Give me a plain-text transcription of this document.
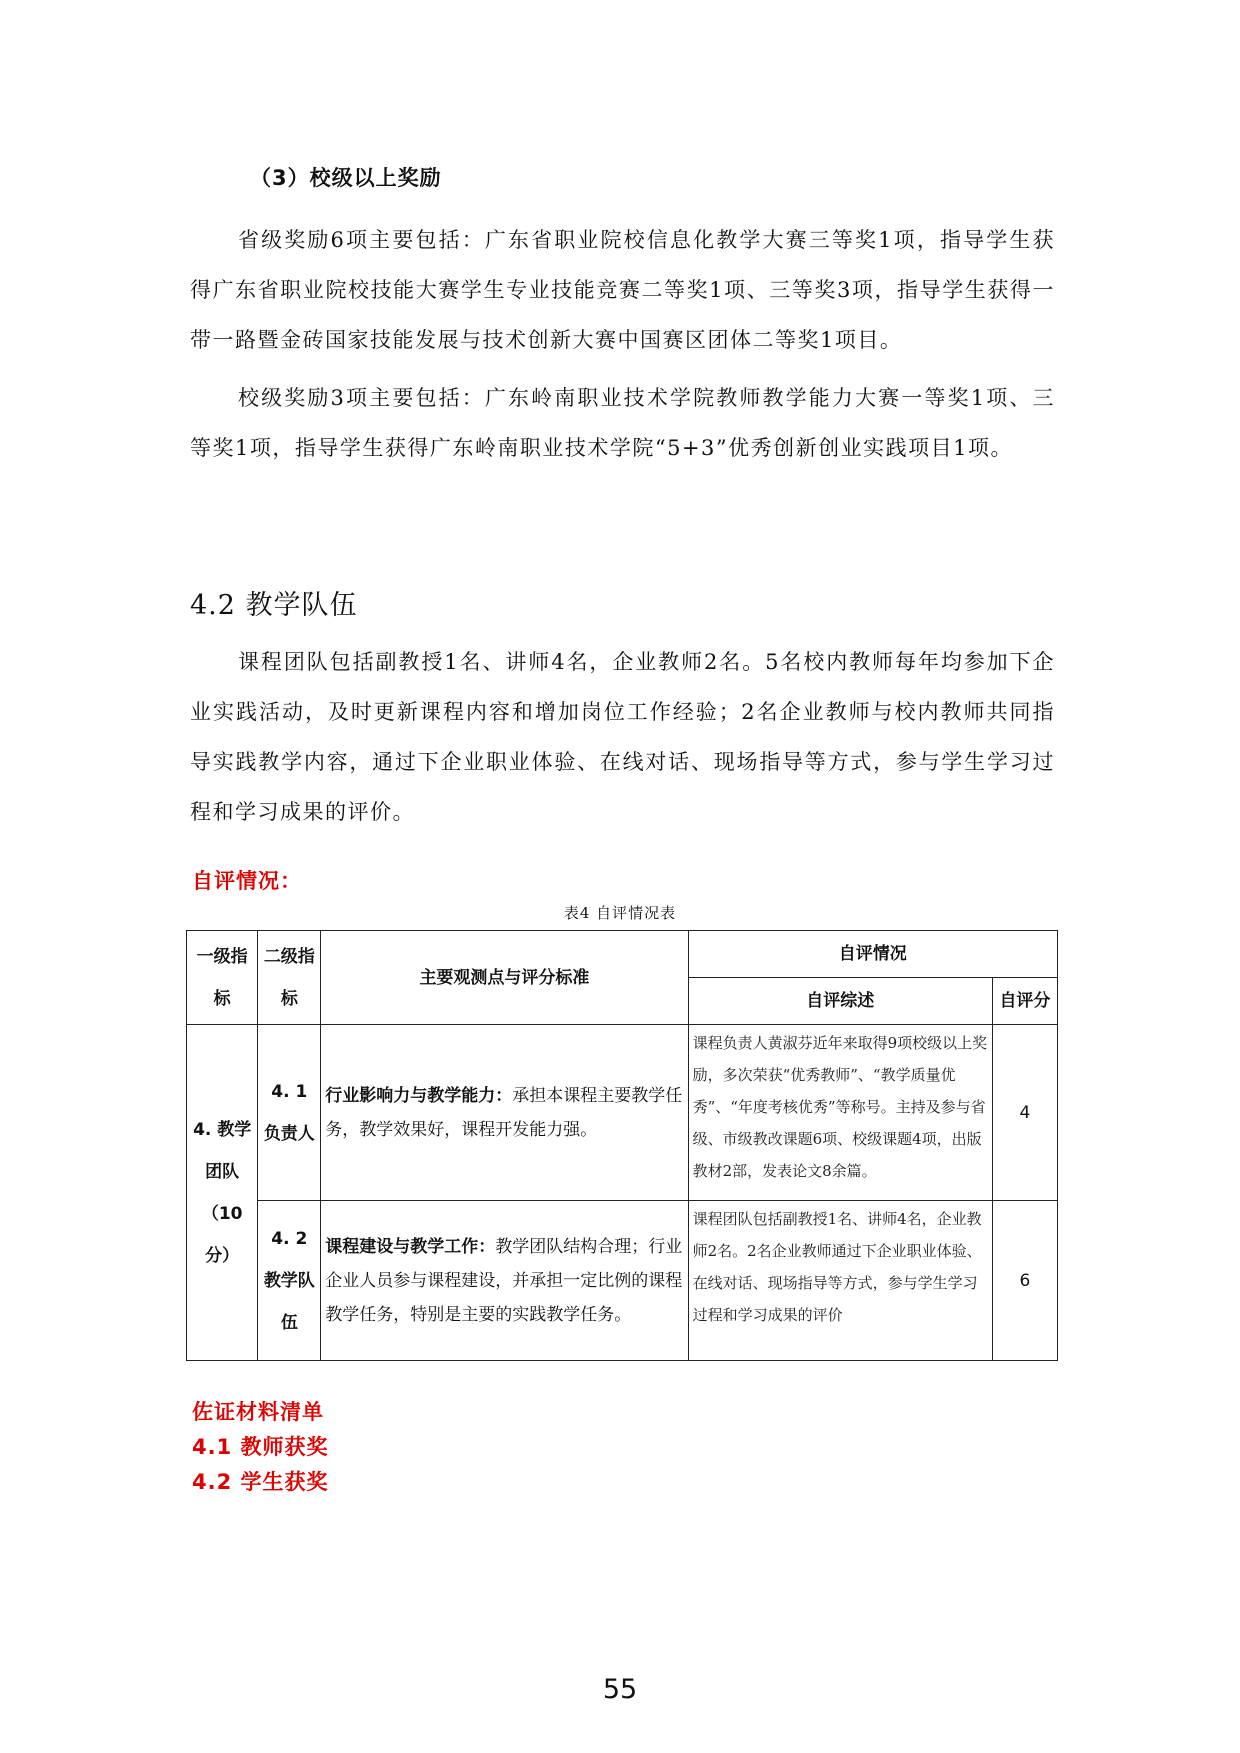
（3）校级以上奖励
省级奖励6项主要包括：广东省职业院校信息化教学大赛三等奖1项，指导学生获得广东省职业院校技能大赛学生专业技能竞赛二等奖1项、三等奖3项，指导学生获得一带一路暨金砖国家技能发展与技术创新大赛中国赛区团体二等奖1项目。
校级奖励3项主要包括：广东岭南职业技术学院教师教学能力大赛一等奖1项、三等奖1项，指导学生获得广东岭南职业技术学院“5+3”优秀创新创业实践项目1项。
4.2 教学队伍
课程团队包括副教授1名、讲师4名，企业教师2名。5名校内教师每年均参加下企业实践活动，及时更新课程内容和增加岗位工作经验；2名企业教师与校内教师共同指导实践教学内容，通过下企业职业体验、在线对话、现场指导等方式，参与学生学习过程和学习成果的评价。
自评情况：
表4 自评情况表
一级指标	二级指标	主要观测点与评分标准	自评情况	
			自评综述	自评分

4. 教学
团队
（10 分）	4. 1 负责人	行业影响力与教学能力：承担本课程主要教学任务，教学效果好，课程开发能力强。	课程负责人黄淑芬近年来取得9项校级以上奖励，多次荣获“优秀教师”、“教学质量优秀”、“年度考核优秀”等称号。主持及参与省级、市级教改课题6项、校级课题4项，出版教材2部，发表论文8余篇。	4
	4. 2 教学队伍	课程建设与教学工作：教学团队结构合理；行业企业人员参与课程建设，并承担一定比例的课程教学任务，特别是主要的实践教学任务。	课程团队包括副教授1名、讲师4名，企业教师2名。2名企业教师通过下企业职业体验、在线对话、现场指导等方式，参与学生学习过程和学习成果的评价	6
佐证材料清单
4.1 教师获奖
4.2 学生获奖
55
